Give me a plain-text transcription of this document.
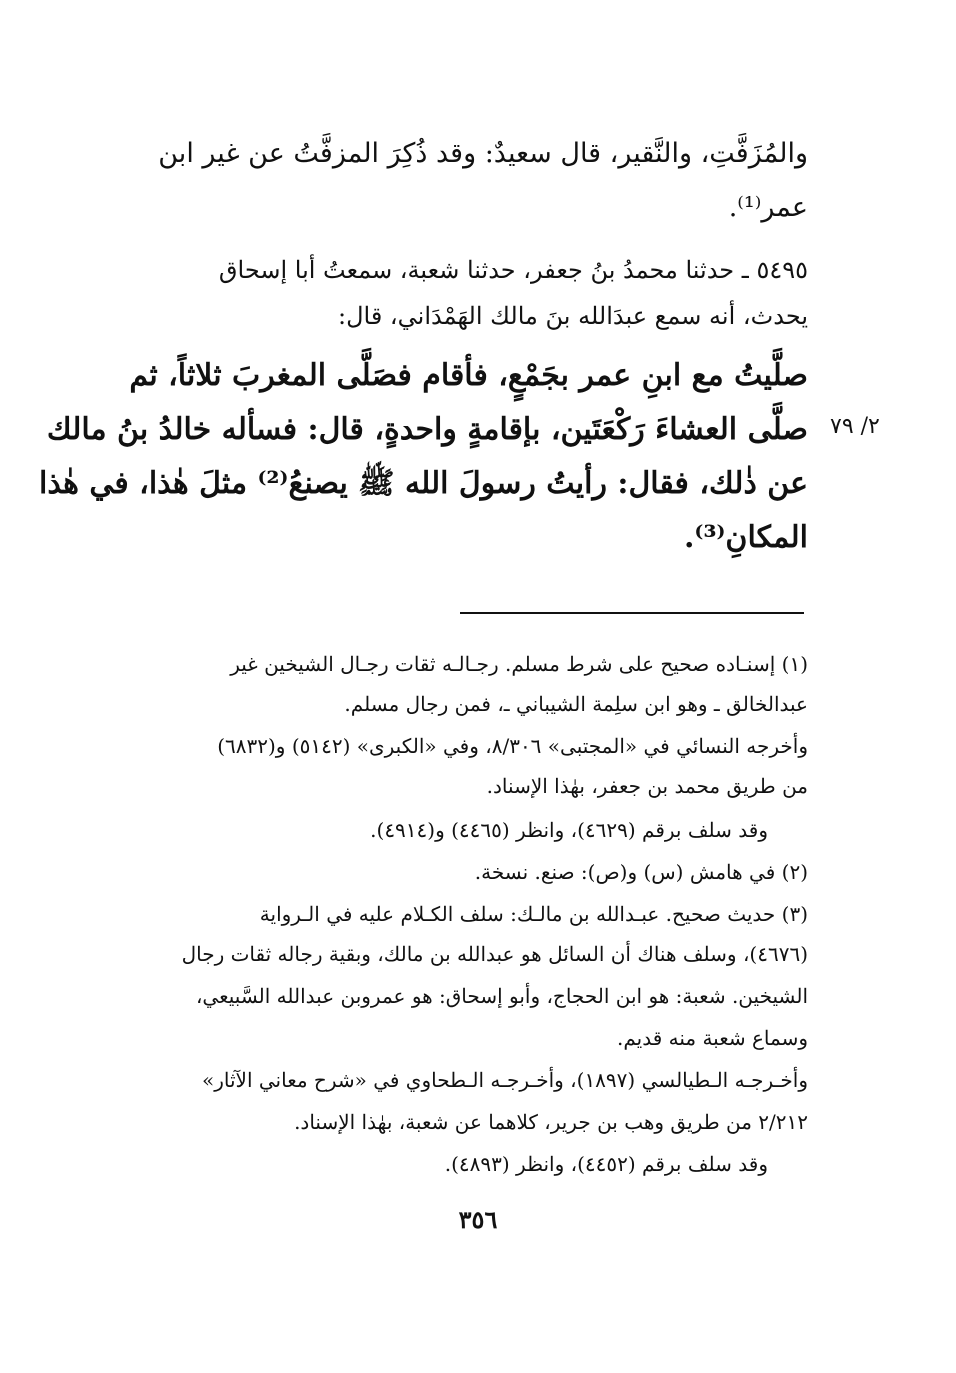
والمُزَفَّتِ، والنَّقير، قال سعيدٌ: وقد ذُكِرَ المزفَّتُ عن غير ابن
عمر⁽¹⁾.
٥٤٩٥ ـ حدثنا محمدُ بنُ جعفر، حدثنا شعبة، سمعتُ أبا إسحاق
يحدث، أنه سمع عبدَالله بنَ مالك الهَمْدَاني، قال:
صلَّيتُ مع ابنِ عمر بجَمْعٍ، فأقام فصَلَّى المغربَ ثلاثاً، ثم
صلَّى العشاءَ رَكْعَتَين، بإقامةٍ واحدةٍ، قال: فسأله خالدُ بنُ مالك
عن ذٰلك، فقال: رأيتُ رسولَ الله ﷺ يصنعُ⁽²⁾ مثلَ هٰذا، في هٰذا
المكانِ⁽³⁾.
٢/ ٧٩
(١) إسنـاده صحيح على شرط مسلم. رجـالـه ثقات رجـال الشيخين غير
عبدالخالق ـ وهو ابن سلِمة الشيباني ـ، فمن رجال مسلم.
وأخرجه النسائي في «المجتبى» ٨/٣٠٦، وفي «الكبرى» (٥١٤٢) و(٦٨٣٢)
من طريق محمد بن جعفر، بهٰذا الإسناد.
وقد سلف برقم (٤٦٢٩)، وانظر (٤٤٦٥) و(٤٩١٤).
(٢) في هامش (س) و(ص): صنع. نسخة.
(٣) حديث صحيح. عبـدالله بن مالـك: سلف الكـلام عليه في الـرواية
(٤٦٧٦)، وسلف هناك أن السائل هو عبدالله بن مالك، وبقية رجاله ثقات رجال
الشيخين. شعبة: هو ابن الحجاج، وأبو إسحاق: هو عمروبن عبدالله السَّبيعي،
وسماع شعبة منه قديم.
وأخـرجـه الـطيالسي (١٨٩٧)، وأخـرجـه الـطحاوي في «شرح معاني الآثار»
٢/٢١٢ من طريق وهب بن جرير، كلاهما عن شعبة، بهٰذا الإسناد.
وقد سلف برقم (٤٤٥٢)، وانظر (٤٨٩٣).
٣٥٦
